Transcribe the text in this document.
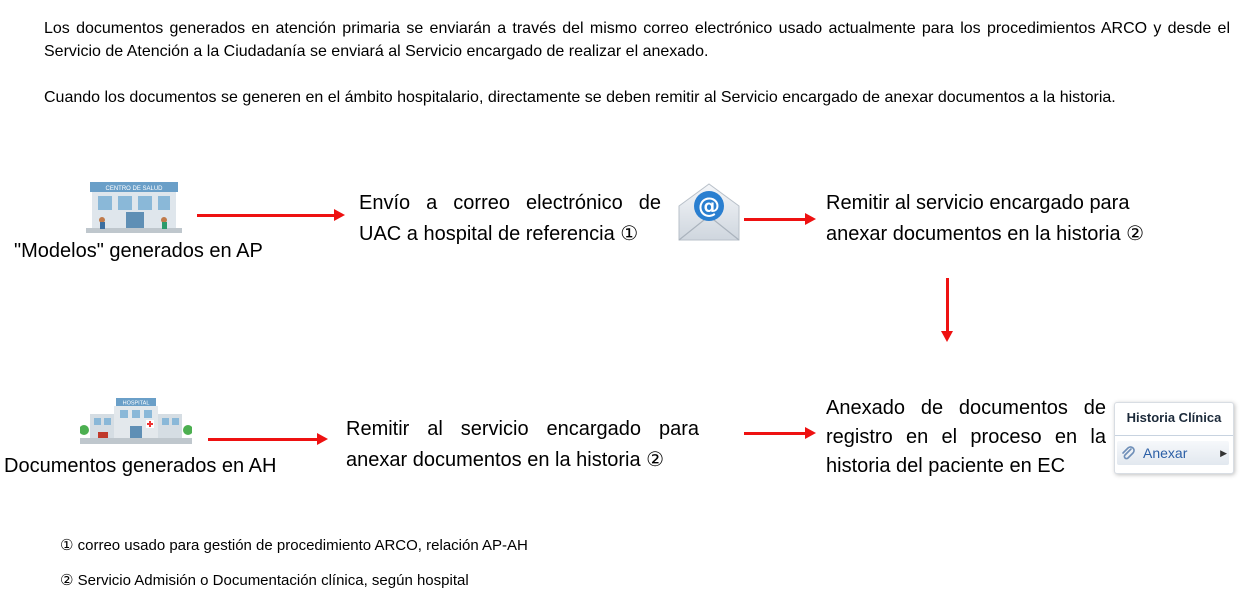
Los documentos generados en atención primaria se enviarán a través del mismo correo electrónico usado actualmente para los procedimientos ARCO y desde el Servicio de Atención a la Ciudadanía se enviará al Servicio encargado de realizar el anexado.
Cuando los documentos se generen en el ámbito hospitalario, directamente se deben remitir al Servicio encargado de anexar documentos a la historia.
CENTRO DE SALUD
"Modelos" generados en AP
Envío a correo electrónico de
UAC a hospital de referencia ①
@	Remitir al servicio encargado para
anexar documentos en la historia ②
HOSPITAL
Documentos generados en AH
Remitir al servicio encargado para
anexar documentos en la historia ②
Anexado de documentos de
registro en el proceso en la
historia del paciente en EC
Historia Clínica
Anexar	▶
① correo usado para gestión de procedimiento ARCO, relación AP-AH
② Servicio Admisión o Documentación clínica, según hospital
